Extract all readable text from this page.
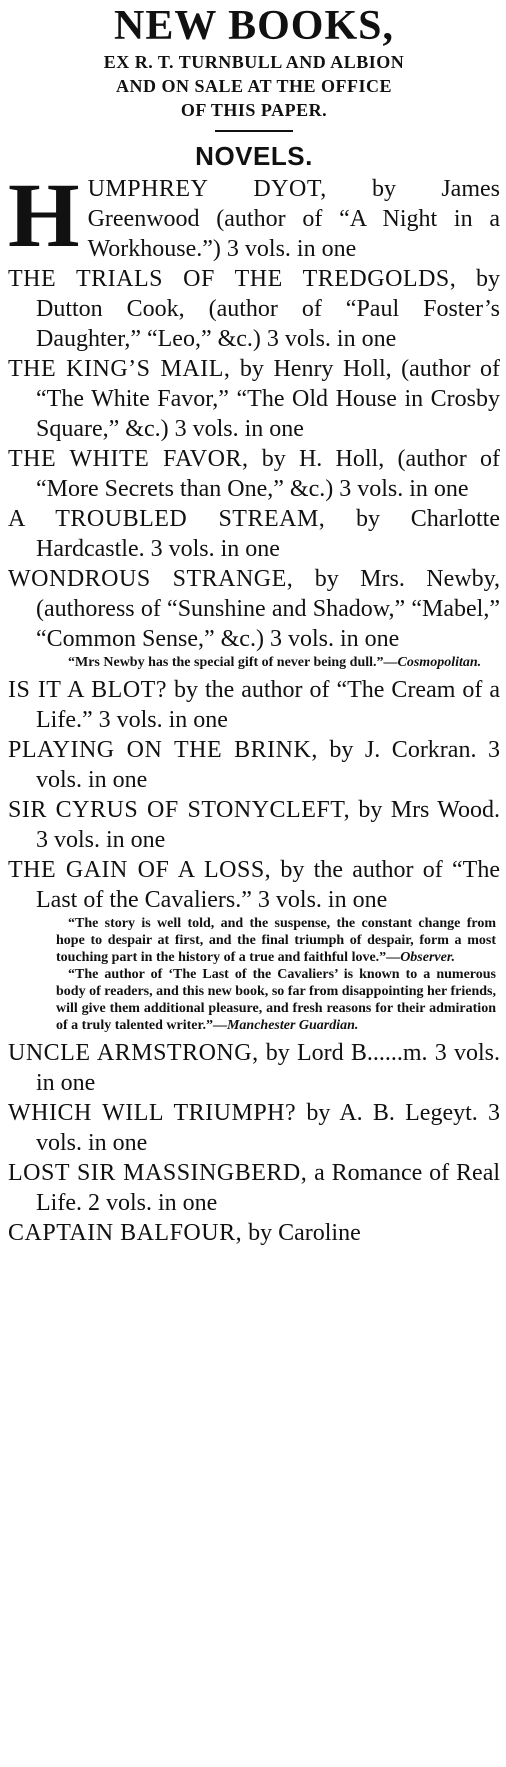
NEW BOOKS,

EX R. T. TURNBULL AND ALBION

AND ON SALE AT THE OFFICE

OF THIS PAPER.

NOVELS.

HUMPHREY DYOT, by James Greenwood (author of “A Night in a Workhouse.”) 3 vols. in one

THE TRIALS OF THE TREDGOLDS, by Dutton Cook, (author of “Paul Foster’s Daughter,” “Leo,” &c.) 3 vols. in one

THE KING’S MAIL, by Henry Holl, (author of “The White Favor,” “The Old House in Crosby Square,” &c.) 3 vols. in one

THE WHITE FAVOR, by H. Holl, (author of “More Secrets than One,” &c.) 3 vols. in one

A TROUBLED STREAM, by Charlotte Hardcastle. 3 vols. in one

WONDROUS STRANGE, by Mrs. Newby, (authoress of “Sunshine and Shadow,” “Mabel,” “Common Sense,” &c.) 3 vols. in one

“Mrs Newby has the special gift of never being dull.”—Cosmopolitan.

IS IT A BLOT? by the author of “The Cream of a Life.” 3 vols. in one

PLAYING ON THE BRINK, by J. Corkran. 3 vols. in one

SIR CYRUS OF STONYCLEFT, by Mrs Wood. 3 vols. in one

THE GAIN OF A LOSS, by the author of “The Last of the Cavaliers.” 3 vols. in one

“The story is well told, and the suspense, the constant change from hope to despair at first, and the final triumph of despair, form a most touching part in the history of a true and faithful love.”—Observer.
“The author of ‘The Last of the Cavaliers’ is known to a numerous body of readers, and this new book, so far from disappointing her friends, will give them additional pleasure, and fresh reasons for their admiration of a truly talented writer.”—Manchester Guardian.

UNCLE ARMSTRONG, by Lord B......m. 3 vols. in one

WHICH WILL TRIUMPH? by A. B. Legeyt. 3 vols. in one

LOST SIR MASSINGBERD, a Romance of Real Life. 2 vols. in one

CAPTAIN BALFOUR, by Caroline
